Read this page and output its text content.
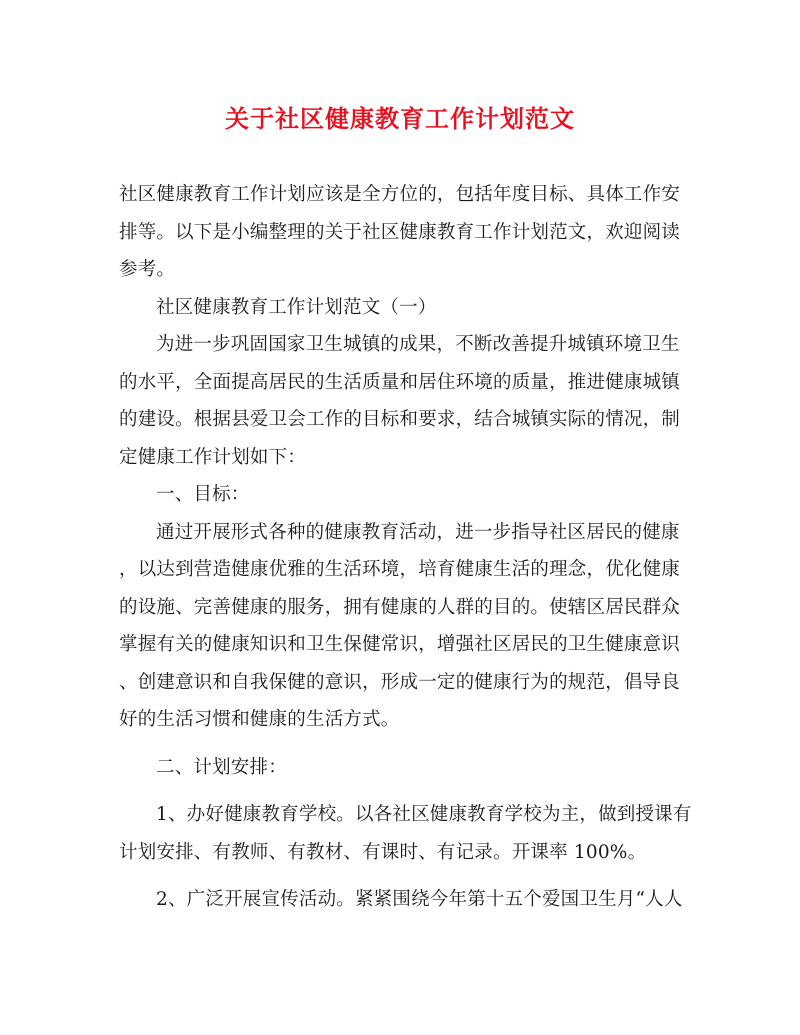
关于社区健康教育工作计划范文

社区健康教育工作计划应该是全方位的，包括年度目标、具体工作安
排等。以下是小编整理的关于社区健康教育工作计划范文，欢迎阅读
参考。

社区健康教育工作计划范文（一）

为进一步巩固国家卫生城镇的成果，不断改善提升城镇环境卫生
的水平，全面提高居民的生活质量和居住环境的质量，推进健康城镇
的建设。根据县爱卫会工作的目标和要求，结合城镇实际的情况，制
定健康工作计划如下：

一、目标：

通过开展形式各种的健康教育活动，进一步指导社区居民的健康
，以达到营造健康优雅的生活环境，培育健康生活的理念，优化健康
的设施、完善健康的服务，拥有健康的人群的目的。使辖区居民群众
掌握有关的健康知识和卫生保健常识，增强社区居民的卫生健康意识
、创建意识和自我保健的意识，形成一定的健康行为的规范，倡导良
好的生活习惯和健康的生活方式。

二、计划安排：

1、办好健康教育学校。以各社区健康教育学校为主，做到授课有
计划安排、有教师、有教材、有课时、有记录。开课率 100%。

2、广泛开展宣传活动。紧紧围绕今年第十五个爱国卫生月“人人
